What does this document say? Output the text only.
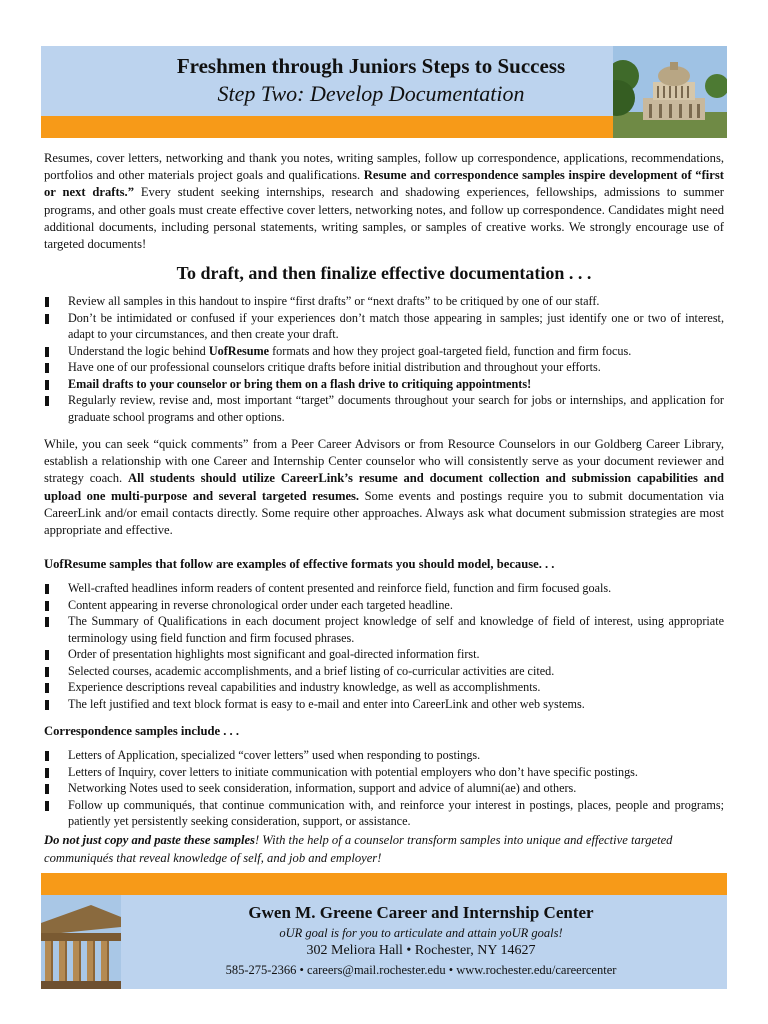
Freshmen through Juniors Steps to Success
Step Two: Develop Documentation

Resumes, cover letters, networking and thank you notes, writing samples, follow up correspondence, applications, recommendations, portfolios and other materials project goals and qualifications. Resume and correspondence samples inspire development of “first or next drafts.” Every student seeking internships, research and shadowing experiences, fellowships, admissions to summer programs, and other goals must create effective cover letters, networking notes, and follow up correspondence. Candidates might need additional documents, including personal statements, writing samples, or samples of creative works. We strongly encourage use of targeted documents!

To draft, and then finalize effective documentation . . .
Review all samples in this handout to inspire “first drafts” or “next drafts” to be critiqued by one of our staff.
Don’t be intimidated or confused if your experiences don’t match those appearing in samples; just identify one or two of interest, adapt to your circumstances, and then create your draft.
Understand the logic behind UofResume formats and how they project goal-targeted field, function and firm focus.
Have one of our professional counselors critique drafts before initial distribution and throughout your efforts.
Email drafts to your counselor or bring them on a flash drive to critiquing appointments!
Regularly review, revise and, most important “target” documents throughout your search for jobs or internships, and application for graduate school programs and other options.

While, you can seek “quick comments” from a Peer Career Advisors or from Resource Counselors in our Goldberg Career Library, establish a relationship with one Career and Internship Center counselor who will consistently serve as your document reviewer and strategy coach. All students should utilize CareerLink’s resume and document collection and submission capabilities and upload one multi-purpose and several targeted resumes. Some events and postings require you to submit documentation via CareerLink and/or email contacts directly. Some require other approaches. Always ask what document submission strategies are most appropriate and effective.

UofResume samples that follow are examples of effective formats you should model, because. . .
Well-crafted headlines inform readers of content presented and reinforce field, function and firm focused goals.
Content appearing in reverse chronological order under each targeted headline.
The Summary of Qualifications in each document project knowledge of self and knowledge of field of interest, using appropriate terminology using field function and firm focused phrases.
Order of presentation highlights most significant and goal-directed information first.
Selected courses, academic accomplishments, and a brief listing of co-curricular activities are cited.
Experience descriptions reveal capabilities and industry knowledge, as well as accomplishments.
The left justified and text block format is easy to e-mail and enter into CareerLink and other web systems.
Correspondence samples include . . .
Letters of Application, specialized “cover letters” used when responding to postings.
Letters of Inquiry, cover letters to initiate communication with potential employers who don’t have specific postings.
Networking Notes used to seek consideration, information, support and advice of alumni(ae) and others.
Follow up communiqués, that continue communication with, and reinforce your interest in postings, places, people and programs; patiently yet persistently seeking consideration, support, or assistance.
Do not just copy and paste these samples! With the help of a counselor transform samples into unique and effective targeted communiqués that reveal knowledge of self, and job and employer!
Gwen M. Greene Career and Internship Center
oUR goal is for you to articulate and attain yoUR goals!
302 Meliora Hall • Rochester, NY 14627
585-275-2366 • careers@mail.rochester.edu • www.rochester.edu/careercenter
